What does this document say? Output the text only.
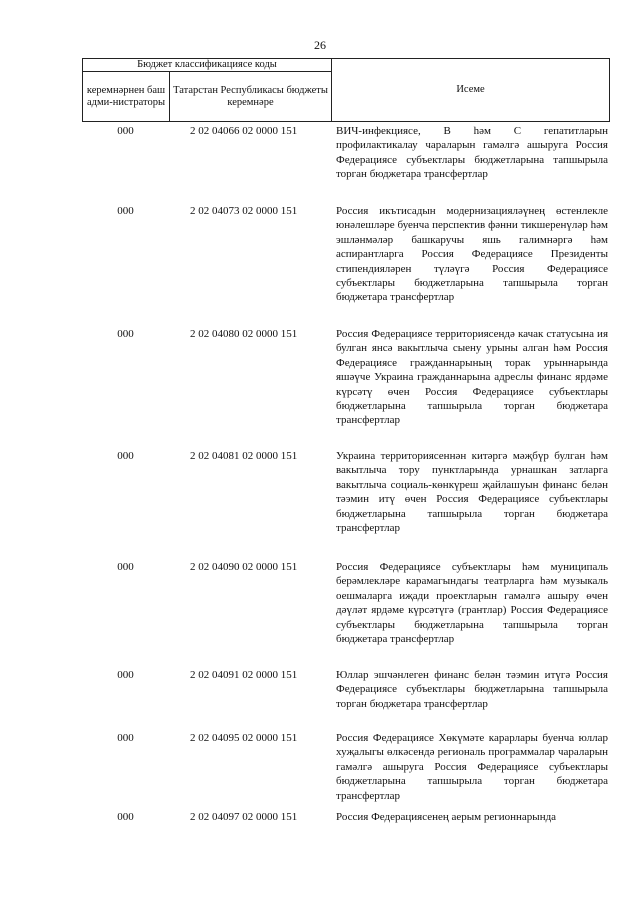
26
Бюджет классификациясе коды
керемнәрнен баш адми-нистраторы
Татарстан Республикасы бюджеты керемнәре
Исеме
000	2 02 04066 02 0000 151	ВИЧ-инфекциясе, B һәм C гепатитларын профилактикалау чараларын гамәлгә ашыруга Россия Федерациясе субъектлары бюджетларына тапшырыла торган бюджетара трансфертлар
000	2 02 04073 02 0000 151	Россия икътисадын модернизацияләүнең өстенлекле юнәлешләре буенча перспектив фәнни тикшеренүләр һәм эшләнмәләр башкаручы яшь галимнәргә һәм аспирантларга Россия Федерациясе Президенты стипендияләрен түләүгә Россия Федерациясе субъектлары бюджетларына тапшырыла торган бюджетара трансфертлар
000	2 02 04080 02 0000 151	Россия Федерациясе территориясендә качак статусына ия булган янсә вакытлыча сыену урыны алган һәм Россия Федерациясе гражданнарының торак урыннарында яшәүче Украина гражданнарына адреслы финанс ярдәме күрсәтү өчен Россия Федерациясе субъектлары бюджетларына тапшырыла торган бюджетара трансфертлар
000	2 02 04081 02 0000 151	Украина территориясеннән китәргә мәҗбүр булган һәм вакытлыча тору пунктларында урнашкан затларга вакытлыча социаль-көнкүреш җайлашуын финанс белән тәэмин итү өчен Россия Федерациясе субъектлары бюджетларына тапшырыла торган бюджетара трансфертлар
000	2 02 04090 02 0000 151	Россия Федерациясе субъектлары һәм муниципаль берәмлекләре карамагындагы театрларга һәм музыкаль оешмаларга иҗади проектларын гамәлгә ашыру өчен дәүләт ярдәме күрсәтүгә (грантлар) Россия Федерациясе субъектлары бюджетларына тапшырыла торган бюджетара трансфертлар
000	2 02 04091 02 0000 151	Юллар эшчәнлеген финанс белән тәэмин итүгә Россия Федерациясе субъектлары бюджетларына тапшырыла торган бюджетара трансфертлар
000	2 02 04095 02 0000 151	Россия Федерациясе Хөкүмәте карарлары буенча юллар хуҗалыгы өлкәсендә региональ программалар чараларын гамәлгә ашыруга Россия Федерациясе субъектлары бюджетларына тапшырыла торган бюджетара трансфертлар
000	2 02 04097 02 0000 151	Россия Федерациясенең аерым регионнарында
